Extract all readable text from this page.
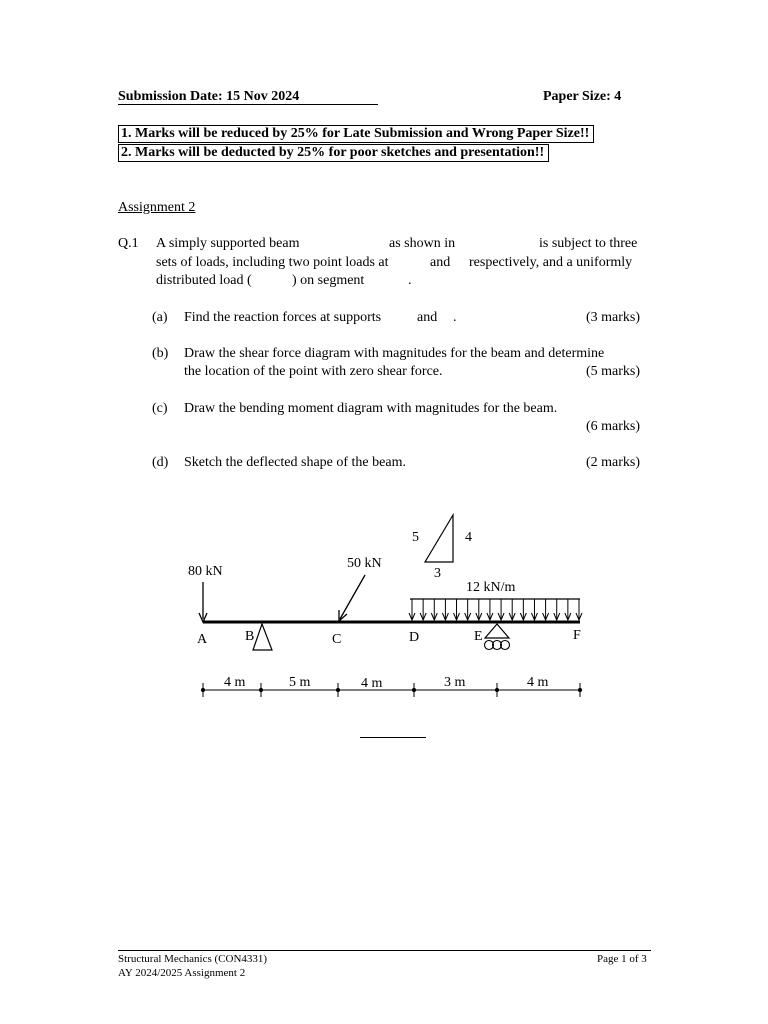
Submission Date: 15 Nov 2024	Paper Size: 4
1. Marks will be reduced by 25% for Late Submission and Wrong Paper Size!!
2. Marks will be deducted by 25% for poor sketches and presentation!!
Assignment 2
Q.1 A simply supported beam	as shown in	is subject to three
sets of loads, including two point loads at	and respectively, and a uniformly
distributed load (	) on segment	.
(a) Find the reaction forces at supports	and .	(3 marks)
(b) Draw the shear force diagram with magnitudes for the beam and determine
the location of the point with zero shear force.	(5 marks)
(c) Draw the bending moment diagram with magnitudes for the beam.
(6 marks)
(d) Sketch the deflected shape of the beam.	(2 marks)
5	4
3
80 kN
50 kN
12 kN/m
A	B	C	D	E	F
4 m	5 m	4 m	3 m	4 m
Structural Mechanics (CON4331)
AY 2024/2025 Assignment 2
Page 1 of 3
